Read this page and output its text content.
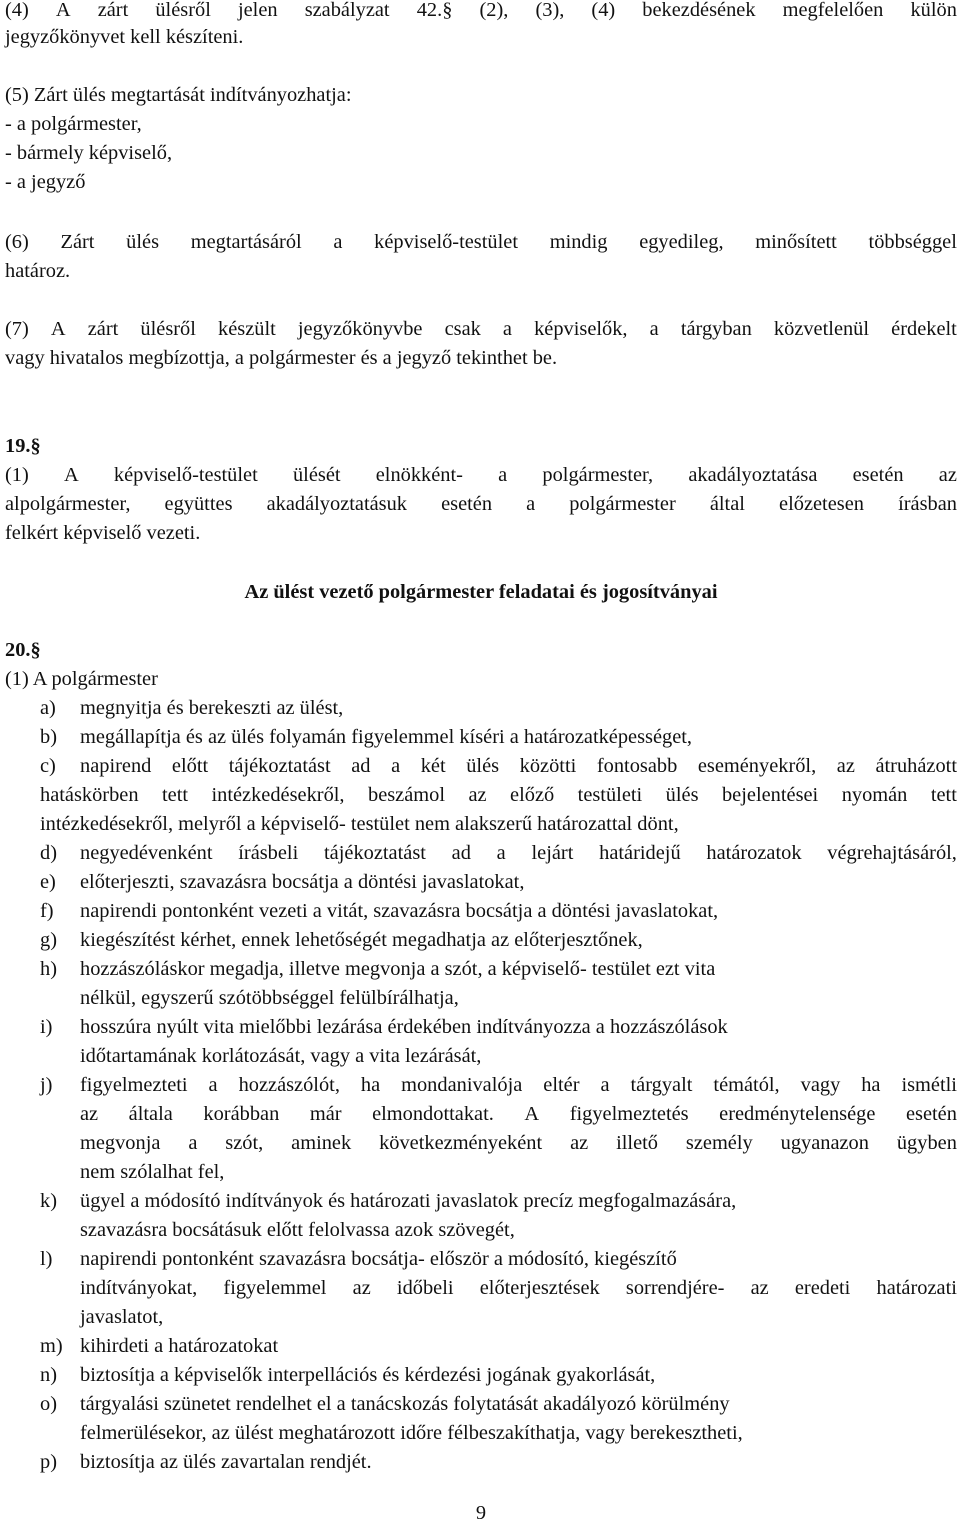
(4) A zárt ülésről jelen szabályzat 42.§ (2), (3), (4) bekezdésének megfelelően külön
jegyzőkönyvet kell készíteni.
(5) Zárt ülés megtartását indítványozhatja:
- a polgármester,
- bármely képviselő,
- a jegyző
(6) Zárt ülés megtartásáról a képviselő-testület mindig egyedileg, minősített többséggel
határoz.
(7) A zárt ülésről készült jegyzőkönyvbe csak a képviselők, a tárgyban közvetlenül érdekelt
vagy hivatalos megbízottja, a polgármester és a jegyző tekinthet be.
19.§
(1) A képviselő-testület ülését elnökként- a polgármester, akadályoztatása esetén az
alpolgármester, együttes akadályoztatásuk esetén a polgármester által előzetesen írásban
felkért képviselő vezeti.
Az ülést vezető polgármester feladatai és jogosítványai
20.§
(1) A polgármester
a) megnyitja és berekeszti az ülést,
b) megállapítja és az ülés folyamán figyelemmel kíséri a határozatképességet,
c) napirend előtt tájékoztatást ad a két ülés közötti fontosabb eseményekről, az átruházott
hatáskörben tett intézkedésekről, beszámol az előző testületi ülés bejelentései nyomán tett
intézkedésekről, melyről a képviselő- testület nem alakszerű határozattal dönt,
d) negyedévenként írásbeli tájékoztatást ad a lejárt határidejű határozatok végrehajtásáról,
e) előterjeszti, szavazásra bocsátja a döntési javaslatokat,
f) napirendi pontonként vezeti a vitát, szavazásra bocsátja a döntési javaslatokat,
g) kiegészítést kérhet, ennek lehetőségét megadhatja az előterjesztőnek,
h) hozzászóláskor megadja, illetve megvonja a szót, a képviselő- testület ezt vita
nélkül, egyszerű szótöbbséggel felülbírálhatja,
i) hosszúra nyúlt vita mielőbbi lezárása érdekében indítványozza a hozzászólások
időtartamának korlátozását, vagy a vita lezárását,
j) figyelmezteti a hozzászólót, ha mondanivalója eltér a tárgyalt témától, vagy ha ismétli
az általa korábban már elmondottakat. A figyelmeztetés eredménytelensége esetén
megvonja a szót, aminek következményeként az illető személy ugyanazon ügyben
nem szólalhat fel,
k) ügyel a módosító indítványok és határozati javaslatok precíz megfogalmazására,
szavazásra bocsátásuk előtt felolvassa azok szövegét,
l) napirendi pontonként szavazásra bocsátja- először a módosító, kiegészítő
indítványokat, figyelemmel az időbeli előterjesztések sorrendjére- az eredeti határozati
javaslatot,
m) kihirdeti a határozatokat
n) biztosítja a képviselők interpellációs és kérdezési jogának gyakorlását,
o) tárgyalási szünetet rendelhet el a tanácskozás folytatását akadályozó körülmény
felmerülésekor, az ülést meghatározott időre félbeszakíthatja, vagy berekesztheti,
p) biztosítja az ülés zavartalan rendjét.
9
